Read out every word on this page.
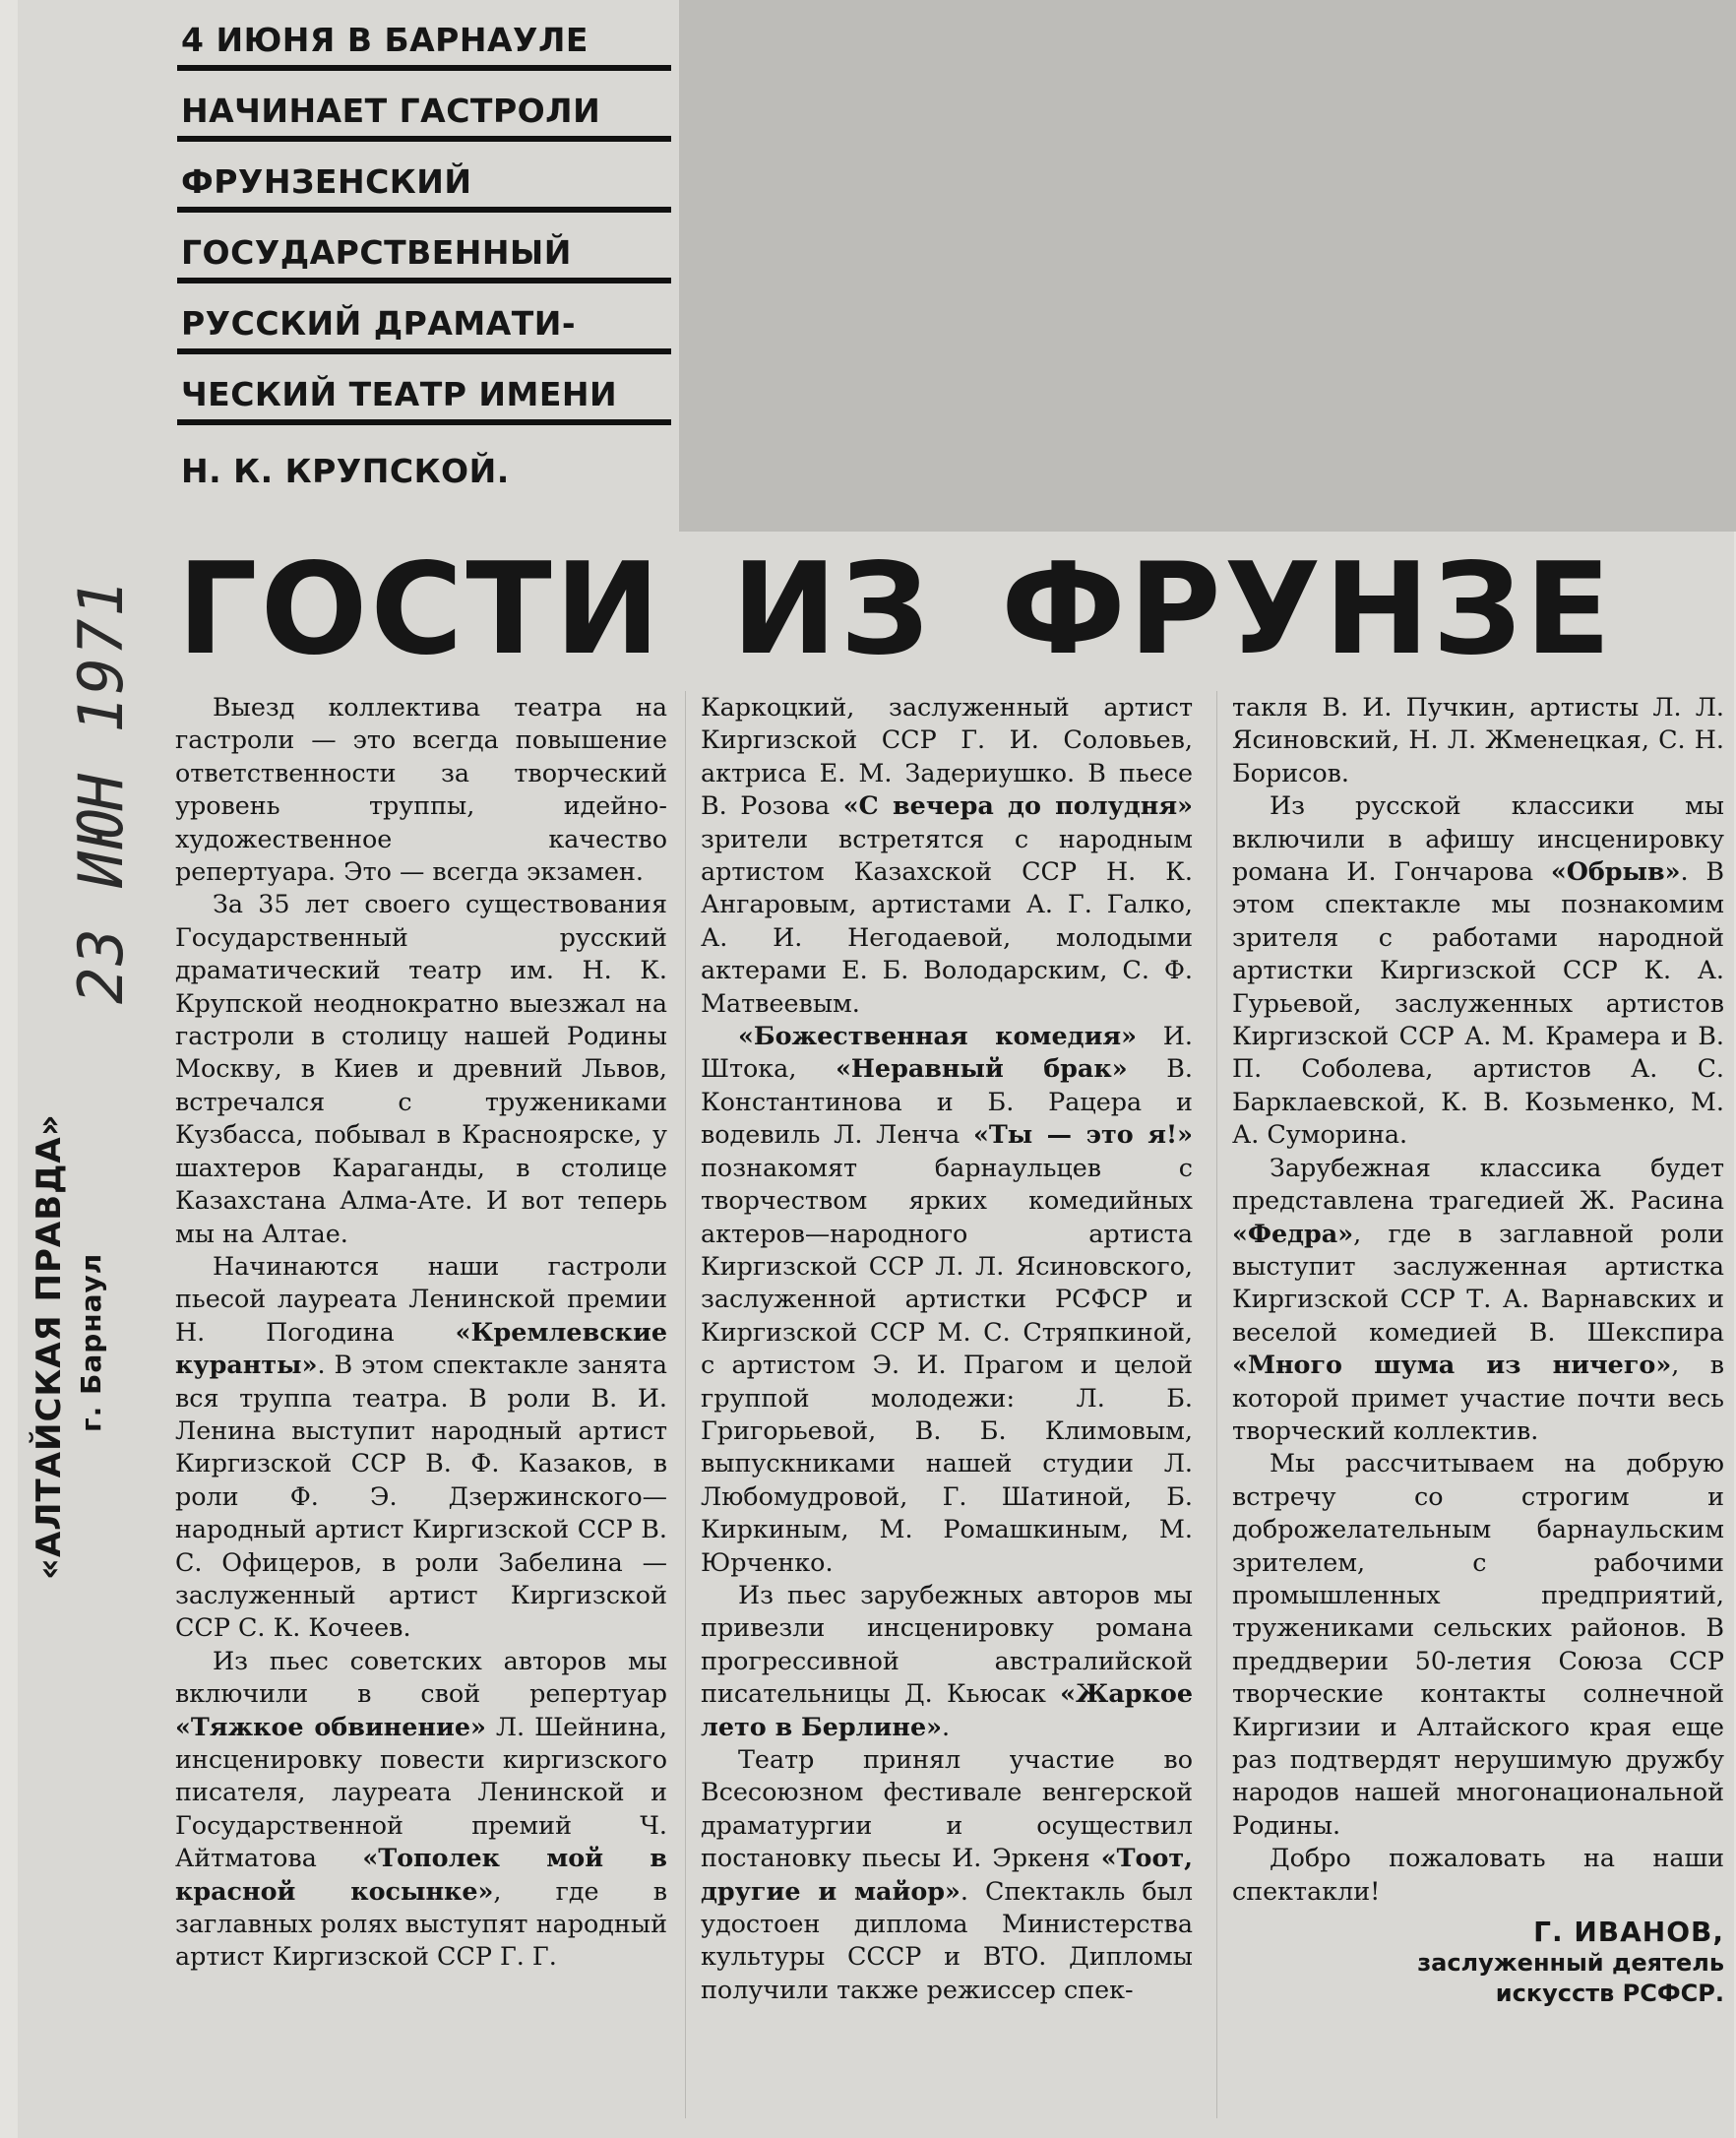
4 ИЮНЯ В БАРНАУЛЕ
НАЧИНАЕТ ГАСТРОЛИ
ФРУНЗЕНСКИЙ
ГОСУДАРСТВЕННЫЙ
РУССКИЙ ДРАМАТИ-
ЧЕСКИЙ ТЕАТР ИМЕНИ
Н. К. КРУПСКОЙ.
ГОСТИ ИЗ ФРУНЗЕ
23 ИЮН 1971
«АЛТАЙСКАЯ ПРАВДА» г. Барнаул

Выезд коллектива театра на гастроли — это всегда повышение ответственности за творческий уровень труппы, идейно-художественное качество репертуара. Это — всегда экзамен.

За 35 лет своего существования Государственный русский драматический театр им. Н. К. Крупской неоднократно выезжал на гастроли в столицу нашей Родины Москву, в Киев и древний Львов, встречался с тружениками Кузбасса, побывал в Красноярске, у шахтеров Караганды, в столице Казахстана Алма-Ате. И вот теперь мы на Алтае.

Начинаются наши гастроли пьесой лауреата Ленинской премии Н. Погодина «Кремлевские куранты». В этом спектакле занята вся труппа театра. В роли В. И. Ленина выступит народный артист Киргизской ССР В. Ф. Казаков, в роли Ф. Э. Дзержинского—народный артист Киргизской ССР В. С. Офицеров, в роли Забелина — заслуженный артист Киргизской ССР С. К. Кочеев.

Из пьес советских авторов мы включили в свой репертуар «Тяжкое обвинение» Л. Шейнина, инсценировку повести киргизского писателя, лауреата Ленинской и Государственной премий Ч. Айтматова «Тополек мой в красной косынке», где в заглавных ролях выступят народный артист Киргизской ССР Г. Г.

Каркоцкий, заслуженный артист Киргизской ССР Г. И. Соловьев, актриса Е. М. Задериушко. В пьесе В. Розова «С вечера до полудня» зрители встретятся с народным артистом Казахской ССР Н. К. Ангаровым, артистами А. Г. Галко, А. И. Негодаевой, молодыми актерами Е. Б. Володарским, С. Ф. Матвеевым.

«Божественная комедия» И. Штока, «Неравный брак» В. Константинова и Б. Рацера и водевиль Л. Ленча «Ты — это я!» познакомят барнаульцев с творчеством ярких комедийных актеров—народного артиста Киргизской ССР Л. Л. Ясиновского, заслуженной артистки РСФСР и Киргизской ССР М. С. Стряпкиной, с артистом Э. И. Прагом и целой группой молодежи: Л. Б. Григорьевой, В. Б. Климовым, выпускниками нашей студии Л. Любомудровой, Г. Шатиной, Б. Киркиным, М. Ромашкиным, М. Юрченко.

Из пьес зарубежных авторов мы привезли инсценировку романа прогрессивной австралийской писательницы Д. Кьюсак «Жаркое лето в Берлине».

Театр принял участие во Всесоюзном фестивале венгерской драматургии и осуществил постановку пьесы И. Эркеня «Тоот, другие и майор». Спектакль был удостоен диплома Министерства культуры СССР и ВТО. Дипломы получили также режиссер спек-

такля В. И. Пучкин, артисты Л. Л. Ясиновский, Н. Л. Жменецкая, С. Н. Борисов.

Из русской классики мы включили в афишу инсценировку романа И. Гончарова «Обрыв». В этом спектакле мы познакомим зрителя с работами народной артистки Киргизской ССР К. А. Гурьевой, заслуженных артистов Киргизской ССР А. М. Крамера и В. П. Соболева, артистов А. С. Барклаевской, К. В. Козьменко, М. А. Суморина.

Зарубежная классика будет представлена трагедией Ж. Расина «Федра», где в заглавной роли выступит заслуженная артистка Киргизской ССР Т. А. Варнавских и веселой комедией В. Шекспира «Много шума из ничего», в которой примет участие почти весь творческий коллектив.

Мы рассчитываем на добрую встречу со строгим и доброжелательным барнаульским зрителем, с рабочими промышленных предприятий, тружениками сельских районов. В преддверии 50-летия Союза ССР творческие контакты солнечной Киргизии и Алтайского края еще раз подтвердят нерушимую дружбу народов нашей многонациональной Родины.

Добро пожаловать на наши спектакли!

Г. ИВАНОВ,
заслуженный деятель
искусств РСФСР.
